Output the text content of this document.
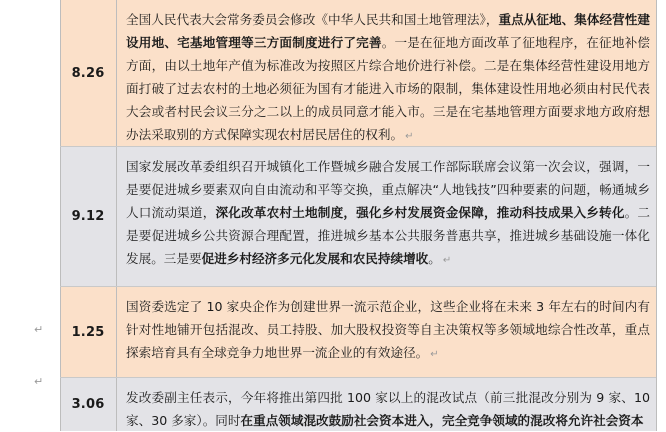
8.26
全国人民代表大会常务委员会修改《中华人民共和国土地管理法》，重点从征地、集体经营性建设用地、宅基地管理等三方面制度进行了完善。一是在征地方面改革了征地程序，在征地补偿方面，由以土地年产值为标准改为按照区片综合地价进行补偿。二是在集体经营性建设用地方面打破了过去农村的土地必须征为国有才能进入市场的限制，集体建设性用地必须由村民代表大会或者村民会议三分之二以上的成员同意才能入市。三是在宅基地管理方面要求地方政府想办法采取别的方式保障实现农村居民居住的权利。 ↵
9.12
国家发展改革委组织召开城镇化工作暨城乡融合发展工作部际联席会议第一次会议，强调，一是要促进城乡要素双向自由流动和平等交换，重点解决“人地钱技”四种要素的问题，畅通城乡人口流动渠道，深化改革农村土地制度，强化乡村发展资金保障，推动科技成果入乡转化。二是要促进城乡公共资源合理配置，推进城乡基本公共服务普惠共享，推进城乡基础设施一体化发展。三是要促进乡村经济多元化发展和农民持续增收。 ↵
↵	1.25
国资委选定了 10 家央企作为创建世界一流示范企业，这些企业将在未来 3 年左右的时间内有针对性地铺开包括混改、员工持股、加大股权投资等自主决策权等多领域地综合性改革，重点探索培育具有全球竞争力地世界一流企业的有效途径。 ↵
↵
3.06	发改委副主任表示，今年将推出第四批 100 家以上的混改试点（前三批混改分别为 9 家、10 家、30 多家）。同时在重点领域混改鼓励社会资本进入，完全竞争领域的混改将允许社会资本
